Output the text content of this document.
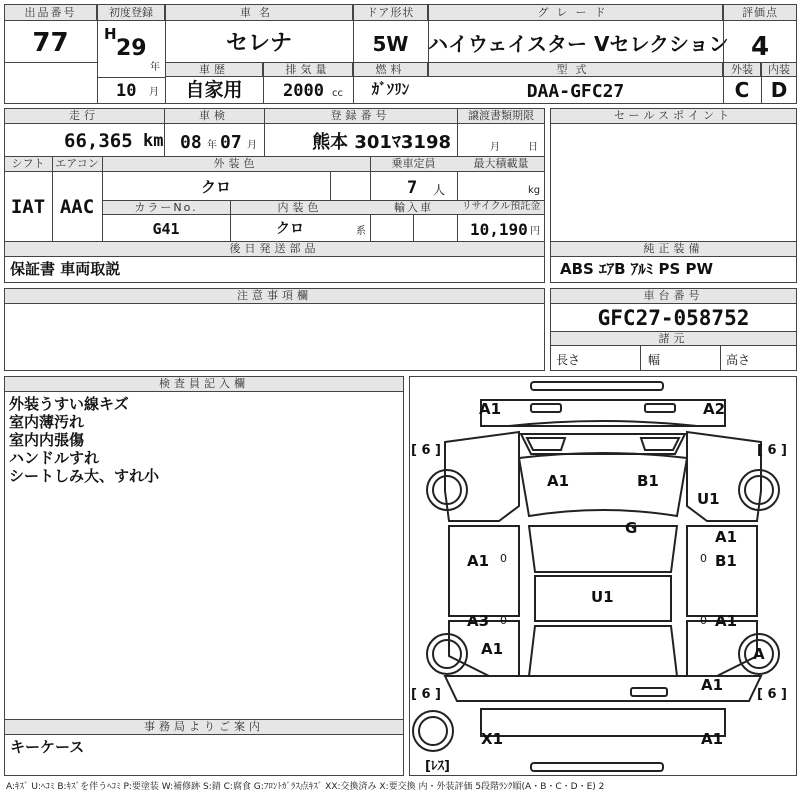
出品番号
77
初度登録
H
29
年
10 月
車名
セレナ
ドア形状
5W
グレード
ハイウェイスター Vセレクション
評価点
4
車歴
自家用
排気量
2000 cc
燃料
ｶﾞｿﾘﾝ
型式
DAA-GFC27
外装
C
内装
D
走行	車検	登録番号	譲渡書類期限
66,365 km 08 年 07 月	熊本 301ﾏ3198	月	日
シフト エアコン	外装色	乗車定員	最大積載量
IAT AAC
クロ	7 人	kg
カラーNo.	内装色	輸入車	リサイクル預託金
G41	クロ	系	10,190 円
後日発送部品
保証書 車両取説
セールスポイント
純正装備
ABS ｴｱB ｱﾙﾐ PS PW
注意事項欄	車台番号
GFC27-058752
諸元
長さ	幅	高さ
検査員記入欄
外装うすい線キズ
室内薄汚れ
室内内張傷
ハンドルすれ
シートしみ大、すれ小
事務局よりご案内
キーケース
A1	A2
A1	B1
U1
G
A1
A1
B1
U1
A3	A1
A1	A
A1
X1	A1
[ 6 ]	[ 6 ]
[ 6 ]	[ 6 ]
[ﾚｽ]
0
0
0
0
A:ｷｽﾞ U:ﾍｺﾐ B:ｷｽﾞを伴うﾍｺﾐ P:要塗装 W:補修跡 S:錆 C:腐食 G:ﾌﾛﾝﾄｶﾞﾗｽ点ｷｽﾞ XX:交換済み X:要交換 内・外装評価 5段階ﾗﾝｸ順(A・B・C・D・E) 2
